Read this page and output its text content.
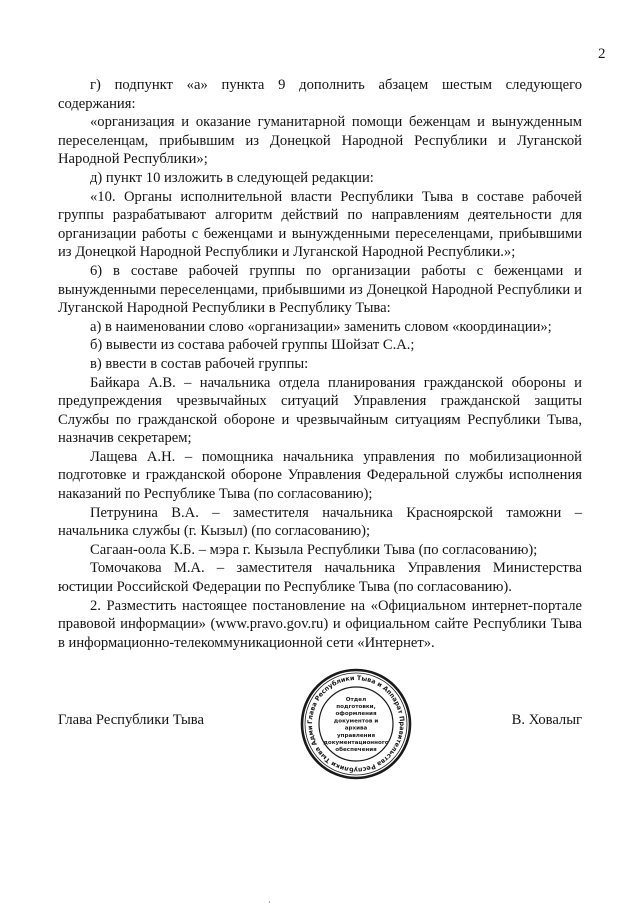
2

г) подпункт «а» пункта 9 дополнить абзацем шестым следующего содержания:

«организация и оказание гуманитарной помощи беженцам и вынужденным переселенцам, прибывшим из Донецкой Народной Республики и Луганской Народной Республики»;

д) пункт 10 изложить в следующей редакции:

«10. Органы исполнительной власти Республики Тыва в составе рабочей группы разрабатывают алгоритм действий по направлениям деятельности для организации работы с беженцами и вынужденными переселенцами, прибывшими из Донецкой Народной Республики и Луганской Народной Республики.»;

6) в составе рабочей группы по организации работы с беженцами и вынужденными переселенцами, прибывшими из Донецкой Народной Республики и Луганской Народной Республики в Республику Тыва:

а) в наименовании слово «организации» заменить словом «координации»;

б) вывести из состава рабочей группы Шойзат С.А.;

в) ввести в состав рабочей группы:

Байкара А.В. – начальника отдела планирования гражданской обороны и предупреждения чрезвычайных ситуаций Управления гражданской защиты Службы по гражданской обороне и чрезвычайным ситуациям Республики Тыва, назначив секретарем;

Лащева А.Н. – помощника начальника управления по мобилизационной подготовке и гражданской обороне Управления Федеральной службы исполнения наказаний по Республике Тыва (по согласованию);

Петрунина В.А. – заместителя начальника Красноярской таможни – начальника службы (г. Кызыл) (по согласованию);

Сагаан-оола К.Б. – мэра г. Кызыла Республики Тыва (по согласованию);

Томочакова М.А. – заместителя начальника Управления Министерства юстиции Российской Федерации по Республике Тыва (по согласованию).

2. Разместить настоящее постановление на «Официальном интернет-портале правовой информации» (www.pravo.gov.ru) и официальном сайте Республики Тыва в информационно-телекоммуникационной сети «Интернет».

Глава Республики Тыва	В. Ховалыг
Глава Республики Тыва и Аппарат Правительства Республики Тыва Адми
Отдел
подготовки,
оформления
документов и
архива
управления
документационного
обеспечения
·
